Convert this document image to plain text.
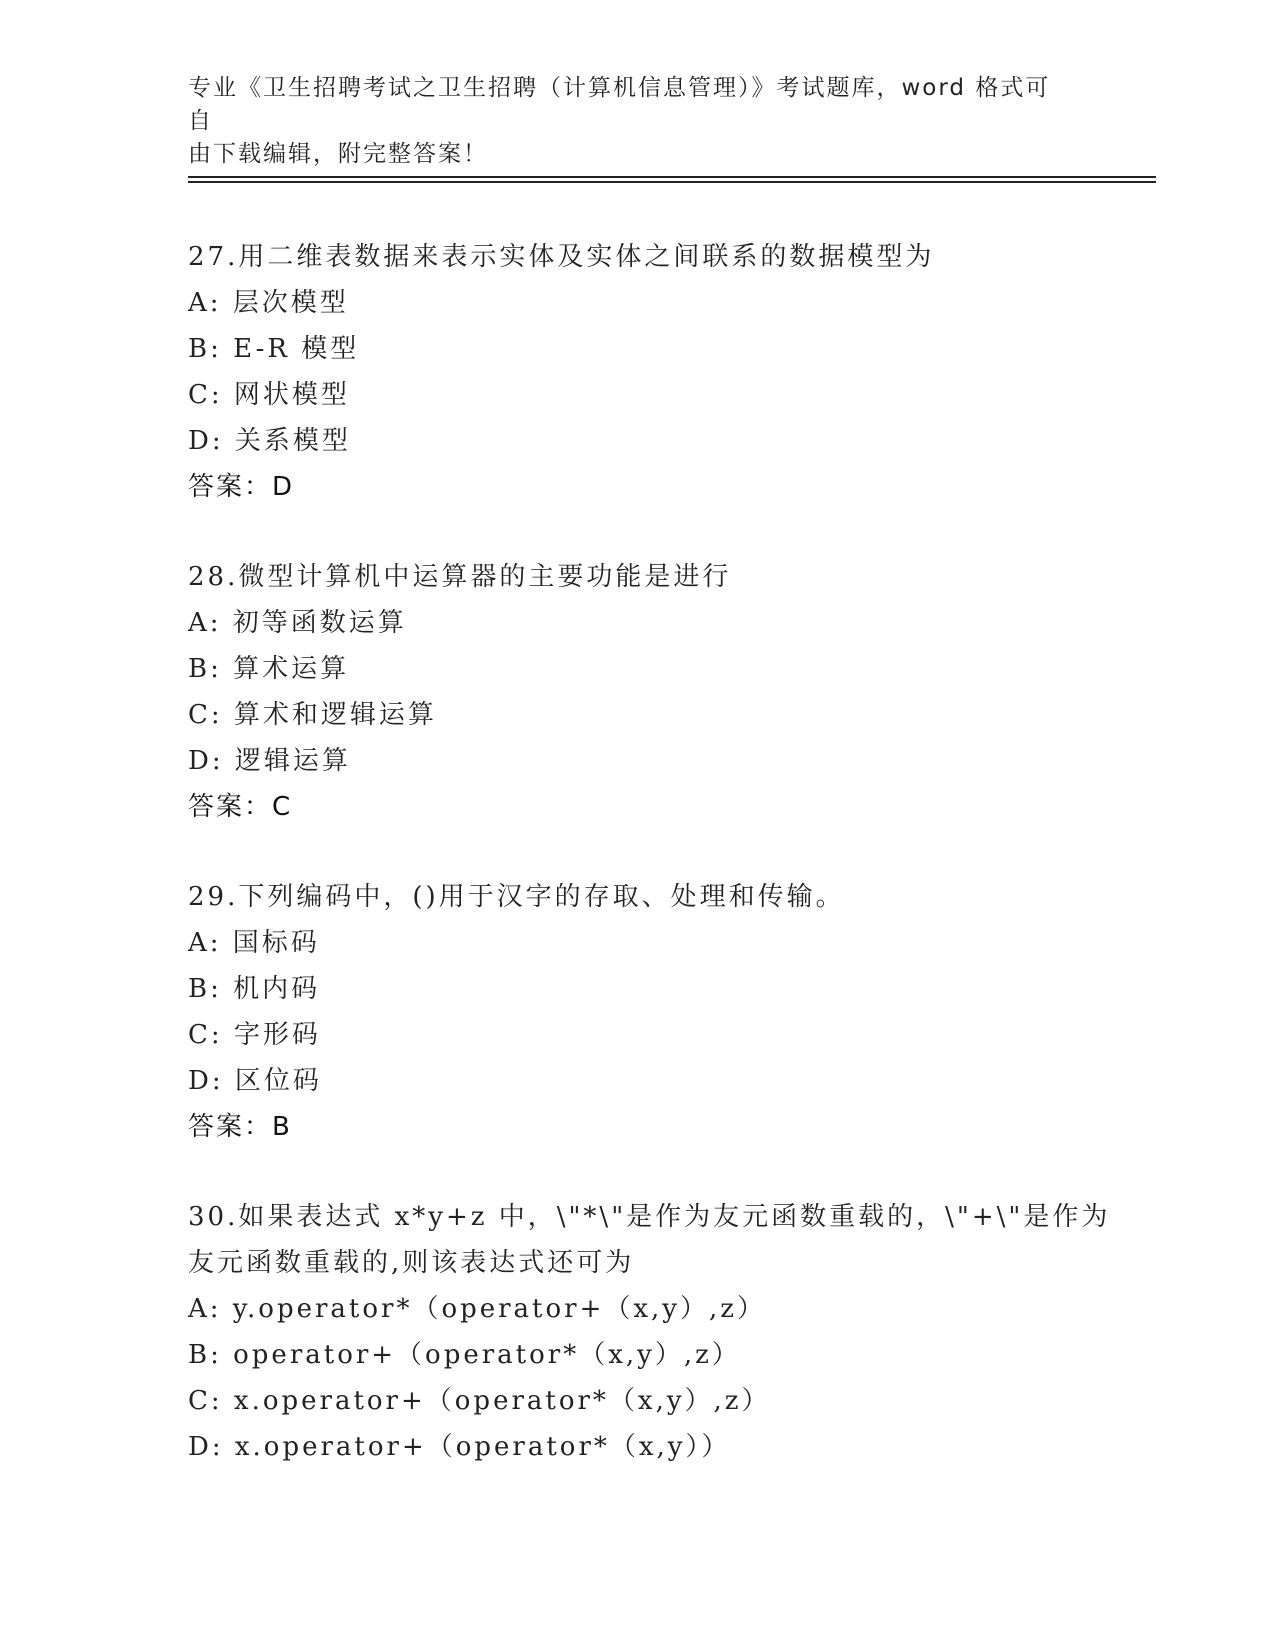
专业《卫生招聘考试之卫生招聘（计算机信息管理）》考试题库，word 格式可自
由下载编辑，附完整答案！
27.用二维表数据来表示实体及实体之间联系的数据模型为
A: 层次模型
B: E-R 模型
C: 网状模型
D: 关系模型
答案：D
28.微型计算机中运算器的主要功能是进行
A: 初等函数运算
B: 算术运算
C: 算术和逻辑运算
D: 逻辑运算
答案：C
29.下列编码中，()用于汉字的存取、处理和传输。
A: 国标码
B: 机内码
C: 字形码
D: 区位码
答案：B
30.如果表达式 x*y+z 中，\"*\"是作为友元函数重载的，\"+\"是作为
友元函数重载的,则该表达式还可为
A: y.operator*（operator+（x,y）,z）
B: operator+（operator*（x,y）,z）
C: x.operator+（operator*（x,y）,z）
D: x.operator+（operator*（x,y））
